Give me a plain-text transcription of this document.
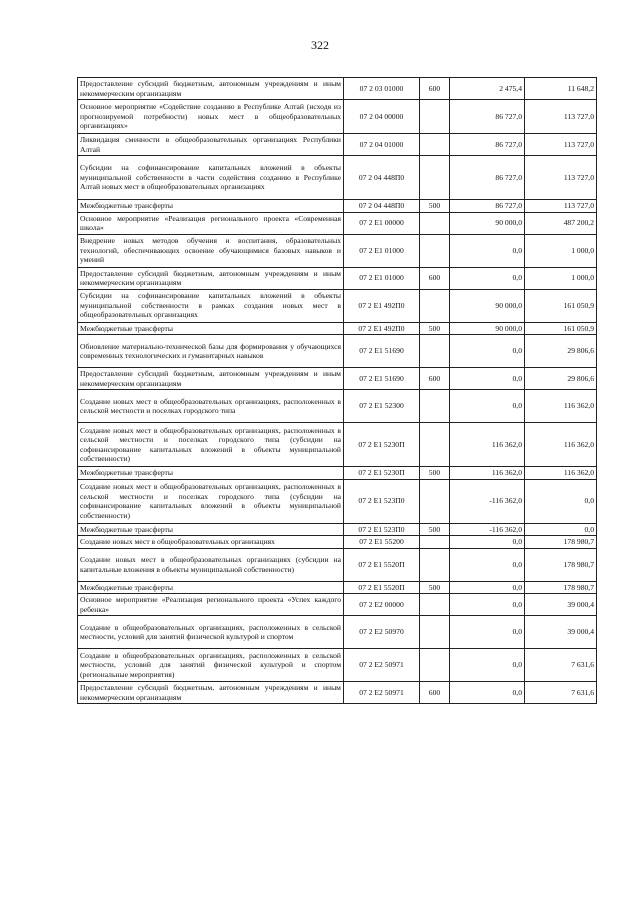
322
Предоставление субсидий бюджетным, автономным учреждениям и иным некоммерческим организациям	07 2 03 01000	600	2 475,4	11 648,2
Основное мероприятие «Содействие созданию в Республике Алтай (исходя из прогнозируемой потребности) новых мест в общеобразовательных организациях»	07 2 04 00000		86 727,0	113 727,0
Ликвидация сменности в общеобразовательных организациях Республики Алтай	07 2 04 01000		86 727,0	113 727,0
Субсидии на софинансирование капитальных вложений в объекты муниципальной собственности в части содействия созданию в Республике Алтай новых мест в общеобразовательных организациях	07 2 04 448П0		86 727,0	113 727,0
Межбюджетные трансферты	07 2 04 448П0	500	86 727,0	113 727,0
Основное мероприятие «Реализация регионального проекта «Современная школа»	07 2 E1 00000		90 000,0	487 200,2
Внедрение новых методов обучения и воспитания, образовательных технологий, обеспечивающих освоение обучающимися базовых навыков и умений	07 2 E1 01000		0,0	1 000,0
Предоставление субсидий бюджетным, автономным учреждениям и иным некоммерческим организациям	07 2 E1 01000	600	0,0	1 000,0
Субсидии на софинансирование капитальных вложений в объекты муниципальной собственности в рамках создания новых мест в общеобразовательных организациях	07 2 E1 492П0		90 000,0	161 050,9
Межбюджетные трансферты	07 2 E1 492П0	500	90 000,0	161 050,9
Обновление материально-технической базы для формирования у обучающихся современных технологических и гуманитарных навыков	07 2 E1 51690		0,0	29 806,6
Предоставление субсидий бюджетным, автономным учреждениям и иным некоммерческим организациям	07 2 E1 51690	600	0,0	29 806,6
Создание новых мест в общеобразовательных организациях, расположенных в сельской местности и поселках городского типа	07 2 E1 52300		0,0	116 362,0
Создание новых мест в общеобразовательных организациях, расположенных в сельской местности и поселках городского типа (субсидии на софинансирование капитальных вложений в объекты муниципальной собственности)	07 2 E1 5230П		116 362,0	116 362,0
Межбюджетные трансферты	07 2 E1 5230П	500	116 362,0	116 362,0
Создание новых мест в общеобразовательных организациях, расположенных в сельской местности и поселках городского типа (субсидии на софинансирование капитальных вложений в объекты муниципальной собственности)	07 2 E1 523П0		-116 362,0	0,0
Межбюджетные трансферты	07 2 E1 523П0	500	-116 362,0	0,0
Создание новых мест в общеобразовательных организациях	07 2 E1 55200		0,0	178 980,7
Создание новых мест в общеобразовательных организациях (субсидии на капитальные вложения в объекты муниципальной собственности)	07 2 E1 5520П		0,0	178 980,7
Межбюджетные трансферты	07 2 E1 5520П	500	0,0	178 980,7
Основное мероприятие «Реализация регионального проекта «Успех каждого ребенка»	07 2 E2 00000		0,0	39 000,4
Создание в общеобразовательных организациях, расположенных в сельской местности, условий для занятий физической культурой и спортом	07 2 E2 50970		0,0	39 000,4
Создание в общеобразовательных организациях, расположенных в сельской местности, условий для занятий физической культурой и спортом (региональные мероприятия)	07 2 E2 50971		0,0	7 631,6
Предоставление субсидий бюджетным, автономным учреждениям и иным некоммерческим организациям	07 2 E2 50971	600	0,0	7 631,6
